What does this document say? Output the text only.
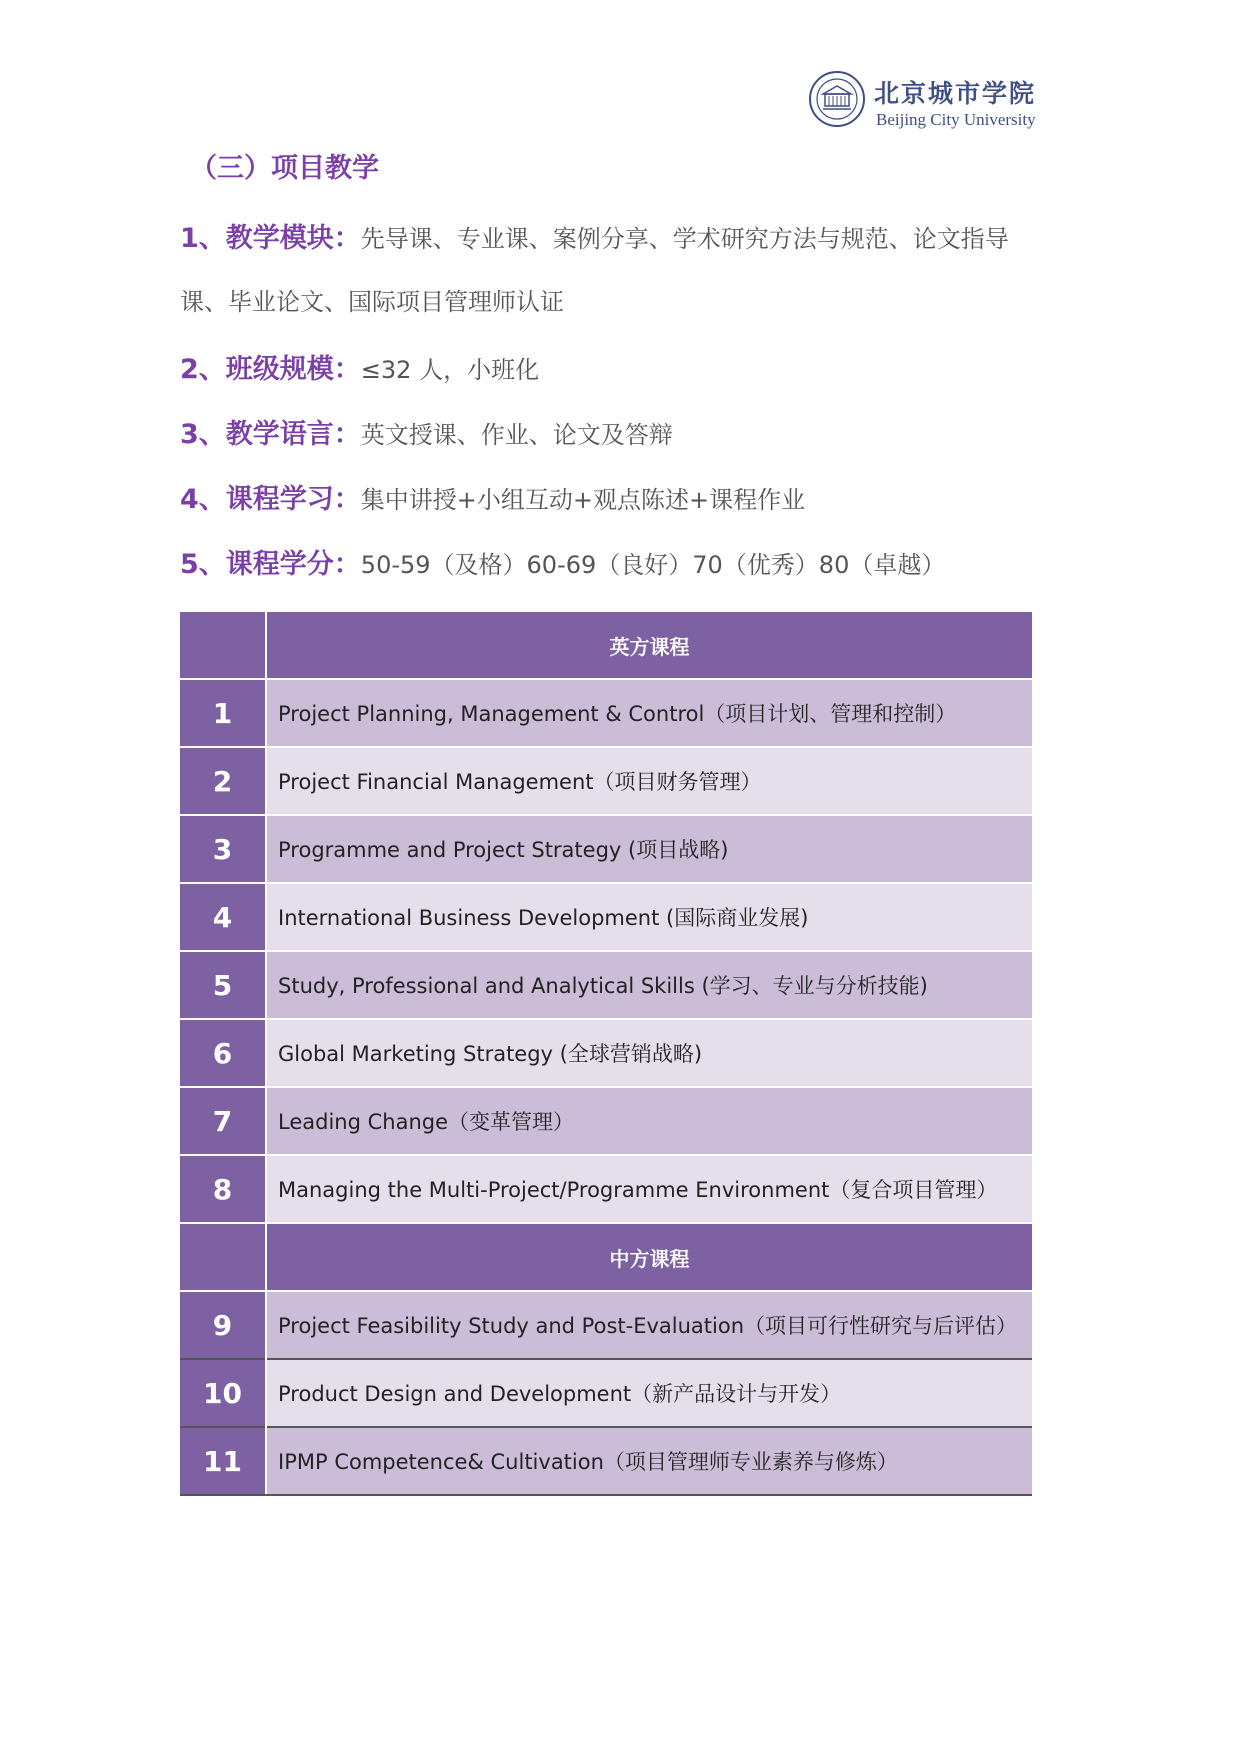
北京城市学院
Beijing City University
（三）项目教学
1、教学模块：先导课、专业课、案例分享、学术研究方法与规范、论文指导
课、毕业论文、国际项目管理师认证
2、班级规模：≤32 人，小班化
3、教学语言：英文授课、作业、论文及答辩
4、课程学习：集中讲授+小组互动+观点陈述+课程作业
5、课程学分：50-59（及格）60-69（良好）70（优秀）80（卓越）
	英方课程
1	Project Planning, Management & Control（项目计划、管理和控制）
2	Project Financial Management（项目财务管理）
3	Programme and Project Strategy (项目战略)
4	International Business Development (国际商业发展)
5	Study, Professional and Analytical Skills (学习、专业与分析技能)
6	Global Marketing Strategy (全球营销战略)
7	Leading Change（变革管理）
8	Managing the Multi-Project/Programme Environment（复合项目管理）
	中方课程
9	Project Feasibility Study and Post-Evaluation（项目可行性研究与后评估）
10	Product Design and Development（新产品设计与开发）
11	IPMP Competence& Cultivation（项目管理师专业素养与修炼）
